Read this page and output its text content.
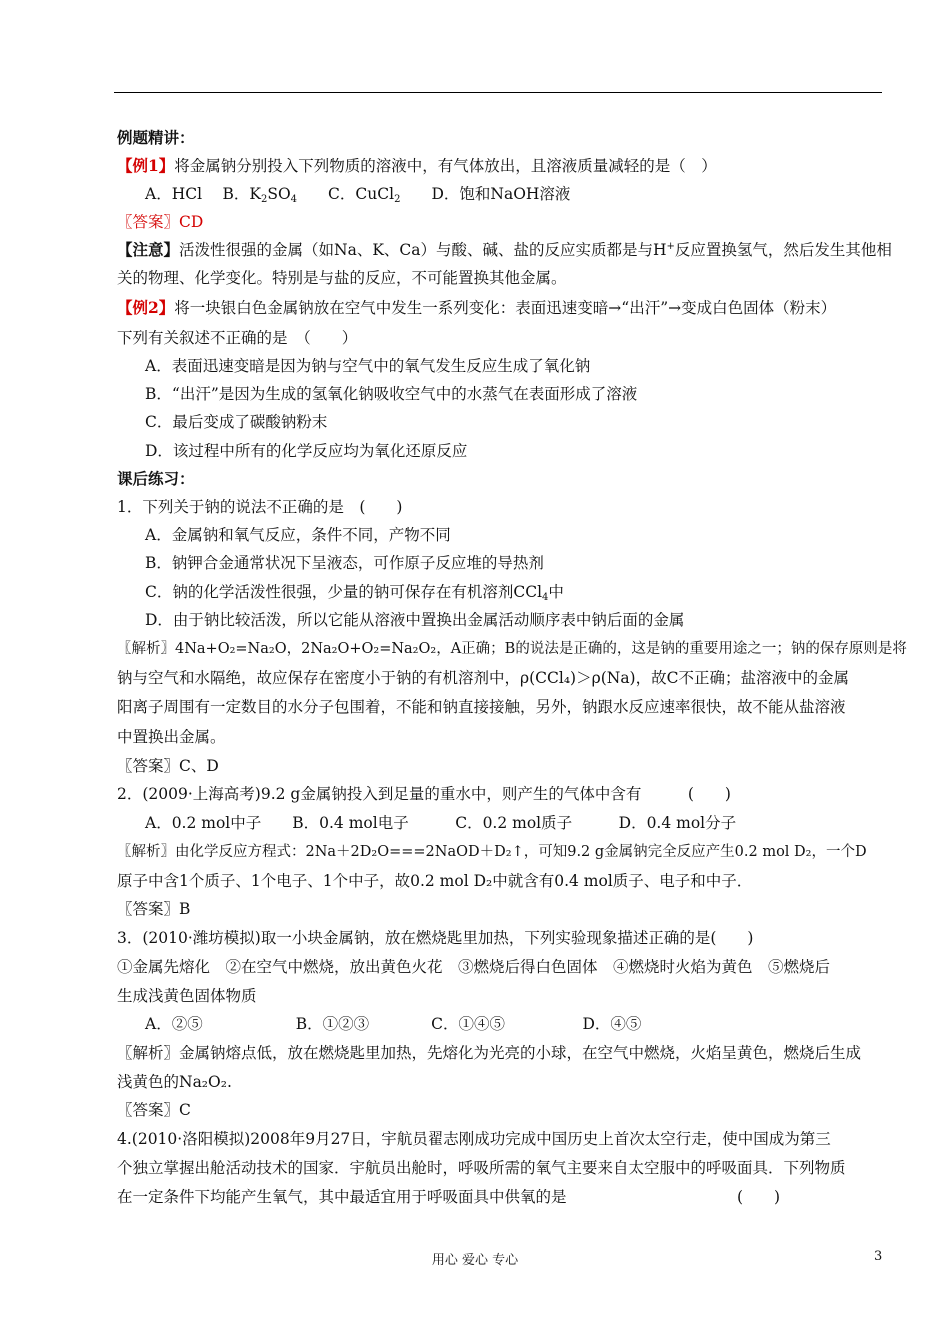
例题精讲：
【例1】将金属钠分别投入下列物质的溶液中，有气体放出，且溶液质量减轻的是（　）
A．HCl　 B．$K_2SO_4$　　 C．CuCl$_2$　　 D．饱和NaOH溶液
〖答案〗CD
【注意】活泼性很强的金属（如Na、K、Ca）与酸、碱、盐的反应实质都是与H+反应置换氢气，然后发生其他相
关的物理、化学变化。特别是与盐的反应，不可能置换其他金属。
【例2】将一块银白色金属钠放在空气中发生一系列变化：表面迅速变暗→“出汗”→变成白色固体（粉末）
下列有关叙述不正确的是　（　　）
A．表面迅速变暗是因为钠与空气中的氧气发生反应生成了氧化钠
B．“出汗”是因为生成的氢氧化钠吸收空气中的水蒸气在表面形成了溶液
C．最后变成了碳酸钠粉末
D．该过程中所有的化学反应均为氧化还原反应
课后练习：
1．下列关于钠的说法不正确的是　(　　)
A．金属钠和氧气反应，条件不同，产物不同
B．钠钾合金通常状况下呈液态，可作原子反应堆的导热剂
C．钠的化学活泼性很强，少量的钠可保存在有机溶剂CCl$_4$中
D．由于钠比较活泼，所以它能从溶液中置换出金属活动顺序表中钠后面的金属
〖解析〗4Na+O₂=Na₂O，2Na₂O+O₂=Na₂O₂，A正确；B的说法是正确的，这是钠的重要用途之一；钠的保存原则是将
钠与空气和水隔绝，故应保存在密度小于钠的有机溶剂中，ρ(CCl₄)＞ρ(Na)，故C不正确；盐溶液中的金属
阳离子周围有一定数目的水分子包围着，不能和钠直接接触，另外，钠跟水反应速率很快，故不能从盐溶液
中置换出金属。
〖答案〗C、D
2．(2009·上海高考)9.2 g金属钠投入到足量的重水中，则产生的气体中含有　　　(　　)
A．0.2 mol中子　　B．0.4 mol电子　　　C．0.2 mol质子　　　D．0.4 mol分子
〖解析〗由化学反应方程式：2Na＋2D₂O===2NaOD＋D₂↑，可知9.2 g金属钠完全反应产生0.2 mol D₂，一个D
原子中含1个质子、1个电子、1个中子，故0.2 mol D₂中就含有0.4 mol质子、电子和中子．
〖答案〗B
3．(2010·潍坊模拟)取一小块金属钠，放在燃烧匙里加热，下列实验现象描述正确的是(　　)
①金属先熔化　②在空气中燃烧，放出黄色火花　③燃烧后得白色固体　④燃烧时火焰为黄色　⑤燃烧后
生成浅黄色固体物质
A．②⑤　　　　　　B．①②③　　　　C．①④⑤　　　　　D．④⑤
〖解析〗金属钠熔点低，放在燃烧匙里加热，先熔化为光亮的小球，在空气中燃烧，火焰呈黄色，燃烧后生成
浅黄色的Na₂O₂.
〖答案〗C
4.(2010·洛阳模拟)2008年9月27日，宇航员翟志刚成功完成中国历史上首次太空行走，使中国成为第三
个独立掌握出舱活动技术的国家．宇航员出舱时，呼吸所需的氧气主要来自太空服中的呼吸面具．下列物质
在一定条件下均能产生氧气，其中最适宜用于呼吸面具中供氧的是　　　　　　　　　　　(　　)
用心 爱心 专心	3
